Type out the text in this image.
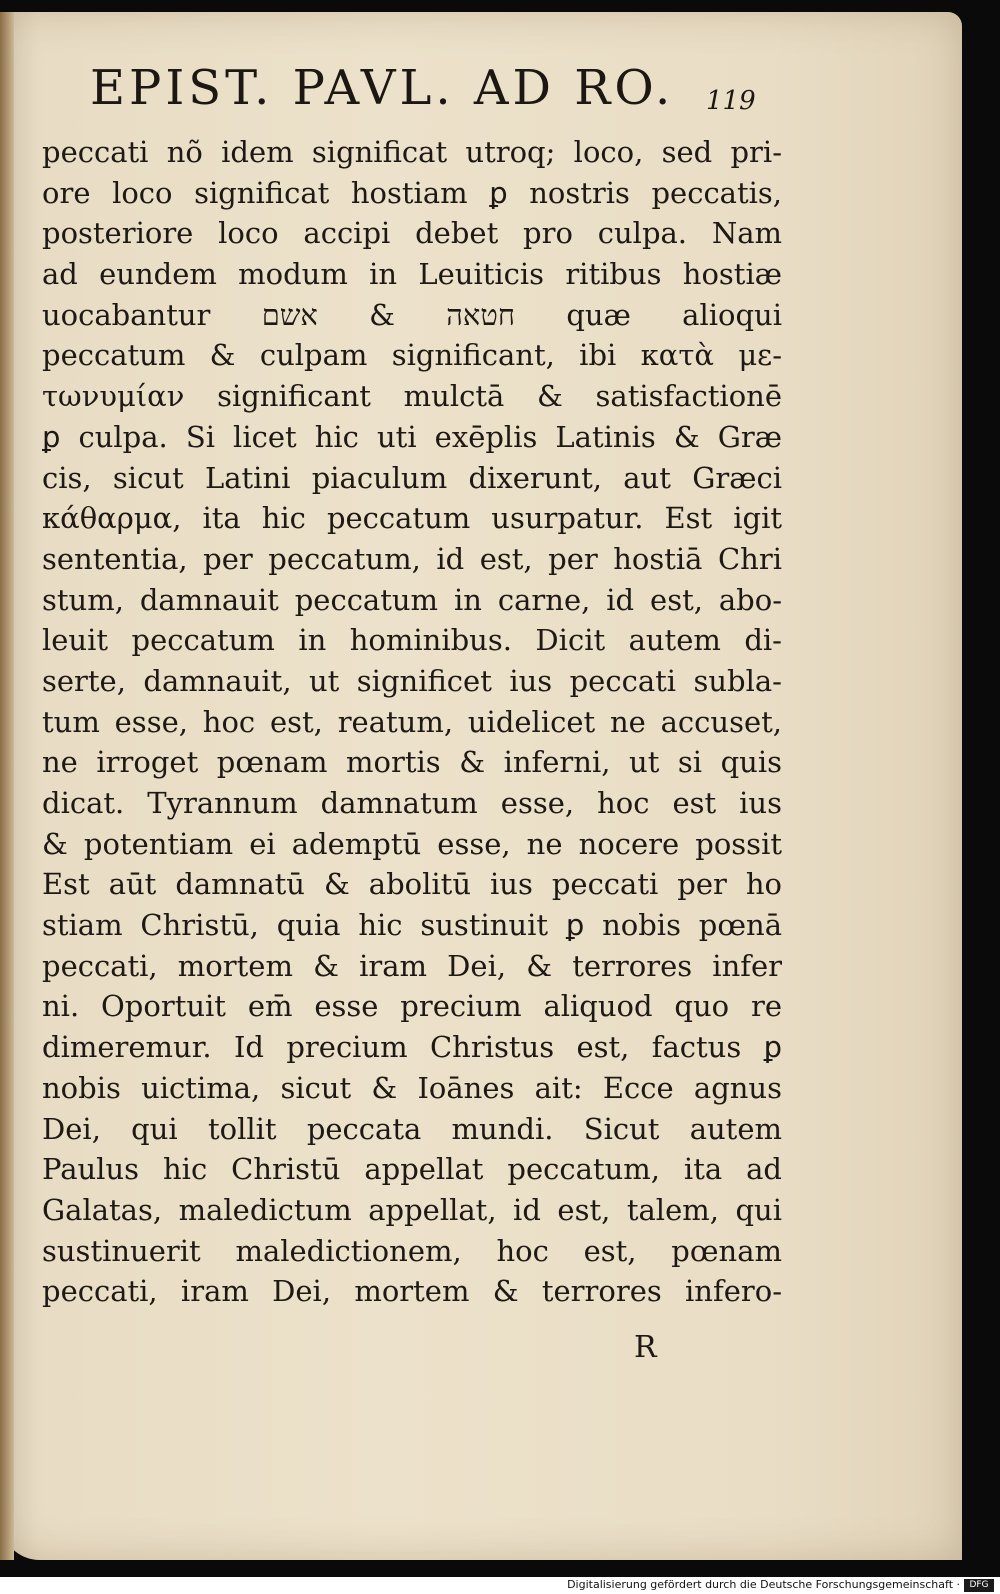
EPIST. PAVL. AD RO.	119
peccati nõ idem significat utroq; loco, sed pri-
ore loco significat hostiam ꝑ nostris peccatis,
posteriore loco accipi debet pro culpa. Nam
ad eundem modum in Leuiticis ritibus hostiæ
uocabantur חטאה & אשם quæ alioqui
peccatum & culpam significant, ibi κατὰ με-
τωνυμίαν significant mulctā & satisfactionē
ꝑ culpa. Si licet hic uti exēplis Latinis & Græ
cis, sicut Latini piaculum dixerunt, aut Græci
κάθαρμα, ita hic peccatum usurpatur. Est igit
sententia, per peccatum, id est, per hostiā Chri
stum, damnauit peccatum in carne, id est, abo-
leuit peccatum in hominibus. Dicit autem di-
serte, damnauit, ut significet ius peccati subla-
tum esse, hoc est, reatum, uidelicet ne accuset,
ne irroget pœnam mortis & inferni, ut si quis
dicat. Tyrannum damnatum esse, hoc est ius
& potentiam ei ademptū esse, ne nocere possit
Est aūt damnatū & abolitū ius peccati per ho
stiam Christū, quia hic sustinuit ꝑ nobis pœnā
peccati, mortem & iram Dei, & terrores infer
ni. Oportuit em̄ esse precium aliquod quo re
dimeremur. Id precium Christus est, factus ꝑ
nobis uictima, sicut & Ioānes ait: Ecce agnus
Dei, qui tollit peccata mundi. Sicut autem
Paulus hic Christū appellat peccatum, ita ad
Galatas, maledictum appellat, id est, talem, qui
sustinuerit maledictionem, hoc est, pœnam
peccati, iram Dei, mortem & terrores infero-
R
Digitalisierung gefördert durch die Deutsche Forschungsgemeinschaft ·	DFG
